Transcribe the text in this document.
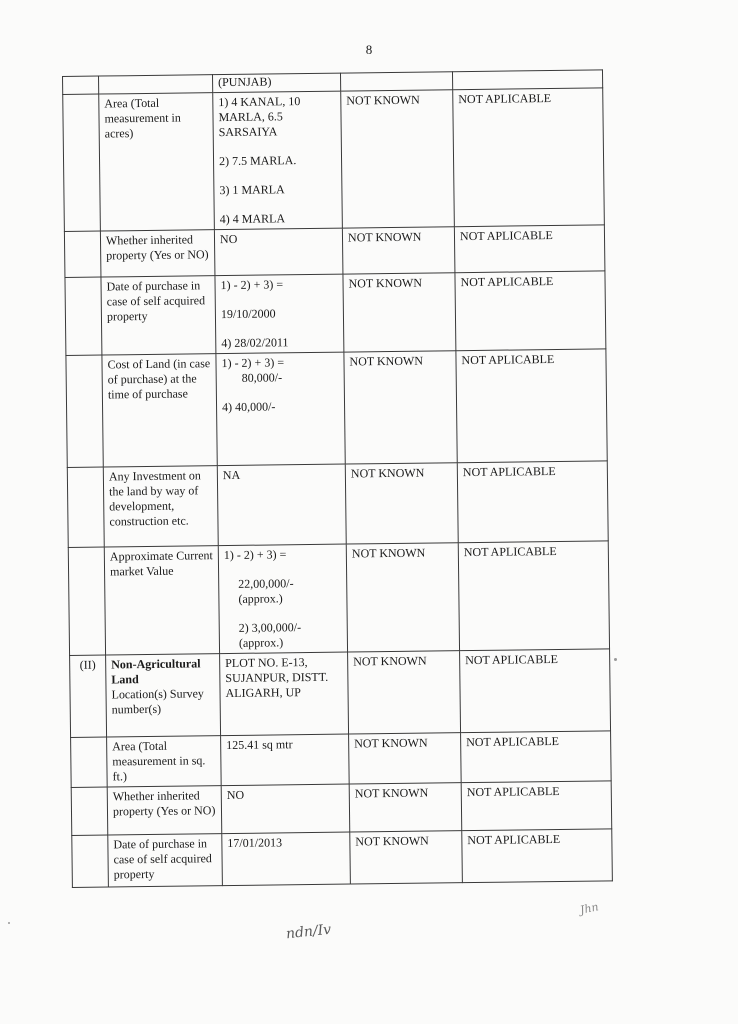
8
		(PUNJAB)		
	Area (Total measurement in acres)	1) 4 KANAL, 10 MARLA, 6.5 SARSAIYA
2) 7.5 MARLA.
3) 1 MARLA
4) 4 MARLA	NOT KNOWN	NOT APLICABLE
	Whether inherited property (Yes or NO)	NO	NOT KNOWN	NOT APLICABLE
	Date of purchase in case of self acquired property	1) - 2) + 3) =
19/10/2000
4) 28/02/2011	NOT KNOWN	NOT APLICABLE
	Cost of Land (in case of purchase) at the time of purchase	1) - 2) + 3) =
80,000/-
4) 40,000/-	NOT KNOWN	NOT APLICABLE
	Any Investment on the land by way of development, construction etc.	NA	NOT KNOWN	NOT APLICABLE
	Approximate Current market Value	1) - 2) + 3) =
22,00,000/- (approx.)
2) 3,00,000/- (approx.)	NOT KNOWN	NOT APLICABLE
(II)	Non-Agricultural Land
Location(s) Survey number(s)	PLOT NO. E-13, SUJANPUR, DISTT. ALIGARH, UP	NOT KNOWN	NOT APLICABLE
	Area (Total measurement in sq. ft.)	125.41 sq mtr	NOT KNOWN	NOT APLICABLE
	Whether inherited property (Yes or NO)	NO	NOT KNOWN	NOT APLICABLE
	Date of purchase in case of self acquired property	17/01/2013	NOT KNOWN	NOT APLICABLE
ndn/Iv
Jhn
